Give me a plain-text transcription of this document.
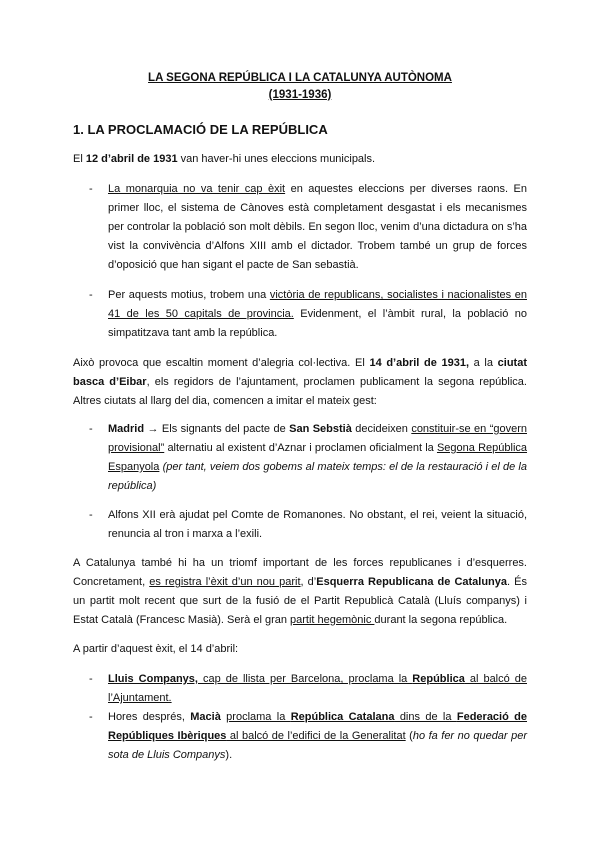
LA SEGONA REPÚBLICA I LA CATALUNYA AUTÒNOMA
(1931-1936)
1. LA PROCLAMACIÓ DE LA REPÚBLICA
El 12 d’abril de 1931 van haver-hi unes eleccions municipals.
- La monarquia no va tenir cap èxit en aquestes eleccions per diverses raons. En primer lloc, el sistema de Cànoves està completament desgastat i els mecanismes per controlar la població son molt dèbils. En segon lloc, venim d’una dictadura on s’ha vist la convivència d’Alfons XIII amb el dictador. Trobem també un grup de forces d’oposició que han sigant el pacte de San sebastià.
- Per aquests motius, trobem una victòria de republicans, socialistes i nacionalistes en 41 de les 50 capitals de provincia. Evidenment, el l’àmbit rural, la població no simpatitzava tant amb la república.
Això provoca que escaltin moment d’alegria col·lectiva. El 14 d’abril de 1931, a la ciutat basca d’Eibar, els regidors de l’ajuntament, proclamen publicament la segona república. Altres ciutats al llarg del dia, comencen a imitar el mateix gest:
- Madrid → Els signants del pacte de San Sebstià decideixen constituir-se en “govern provisional” alternatiu al existent d’Aznar i proclamen oficialment la Segona República Espanyola (per tant, veiem dos gobems al mateix temps: el de la restauració i el de la república)
- Alfons XII erà ajudat pel Comte de Romanones. No obstant, el rei, veient la situació, renuncia al tron i marxa a l’exili.
A Catalunya també hi ha un triomf important de les forces republicanes i d’esquerres. Concretament, es registra l’èxit d’un nou parit, d’Esquerra Republicana de Catalunya. És un partit molt recent que surt de la fusió de el Partit Republicà Català (Lluís companys) i Estat Català (Francesc Masià). Serà el gran partit hegemònic durant la segona república.
A partir d’aquest èxit, el 14 d’abril:
- Lluis Companys, cap de llista per Barcelona, proclama la República al balcó de l’Ajuntament.
- Hores després, Macià proclama la República Catalana dins de la Federació de Repúbliques Ibèriques al balcó de l’edifici de la Generalitat (ho fa fer no quedar per sota de Lluis Companys).
